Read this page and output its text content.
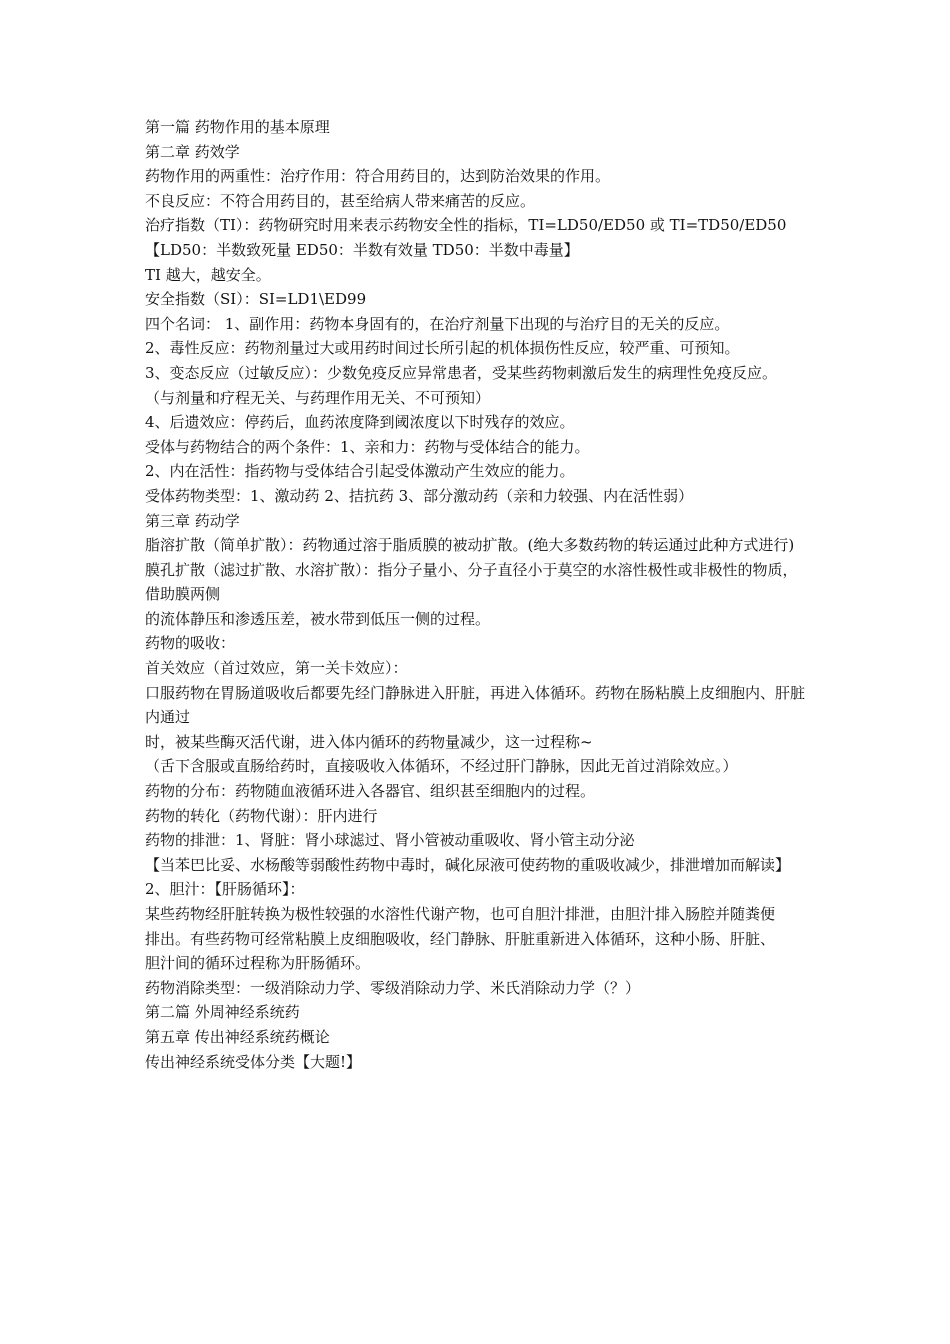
第一篇 药物作用的基本原理
第二章 药效学
药物作用的两重性：治疗作用：符合用药目的，达到防治效果的作用。
不良反应：不符合用药目的，甚至给病人带来痛苦的反应。
治疗指数（TI）：药物研究时用来表示药物安全性的指标，TI=LD50/ED50 或 TI=TD50/ED50
【LD50：半数致死量 ED50：半数有效量 TD50：半数中毒量】
TI 越大，越安全。
安全指数（SI）：SI=LD1\ED99
四个名词： 1、副作用：药物本身固有的，在治疗剂量下出现的与治疗目的无关的反应。
2、毒性反应：药物剂量过大或用药时间过长所引起的机体损伤性反应，较严重、可预知。
3、变态反应（过敏反应）：少数免疫反应异常患者，受某些药物刺激后发生的病理性免疫反应。
（与剂量和疗程无关、与药理作用无关、不可预知）
4、后遗效应：停药后，血药浓度降到阈浓度以下时残存的效应。
受体与药物结合的两个条件：1、亲和力：药物与受体结合的能力。
2、内在活性：指药物与受体结合引起受体激动产生效应的能力。
受体药物类型：1、激动药 2、拮抗药 3、部分激动药（亲和力较强、内在活性弱）
第三章 药动学
脂溶扩散（简单扩散）：药物通过溶于脂质膜的被动扩散。(绝大多数药物的转运通过此种方式进行)
膜孔扩散（滤过扩散、水溶扩散）：指分子量小、分子直径小于莫空的水溶性极性或非极性的物质，借助膜两侧
的流体静压和渗透压差，被水带到低压一侧的过程。
药物的吸收：
首关效应（首过效应，第一关卡效应）：
口服药物在胃肠道吸收后都要先经门静脉进入肝脏，再进入体循环。药物在肠粘膜上皮细胞内、肝脏内通过
时，被某些酶灭活代谢，进入体内循环的药物量减少，这一过程称~
（舌下含服或直肠给药时，直接吸收入体循环，不经过肝门静脉，因此无首过消除效应。）
药物的分布：药物随血液循环进入各器官、组织甚至细胞内的过程。
药物的转化（药物代谢）：肝内进行
药物的排泄：1、肾脏：肾小球滤过、肾小管被动重吸收、肾小管主动分泌
【当苯巴比妥、水杨酸等弱酸性药物中毒时，碱化尿液可使药物的重吸收减少，排泄增加而解读】
2、胆汁：【肝肠循环】：
某些药物经肝脏转换为极性较强的水溶性代谢产物，也可自胆汁排泄，由胆汁排入肠腔并随粪便
排出。有些药物可经常粘膜上皮细胞吸收，经门静脉、肝脏重新进入体循环，这种小肠、肝脏、
胆汁间的循环过程称为肝肠循环。
药物消除类型：一级消除动力学、零级消除动力学、米氏消除动力学（？）
第二篇 外周神经系统药
第五章 传出神经系统药概论
传出神经系统受体分类【大题!】
